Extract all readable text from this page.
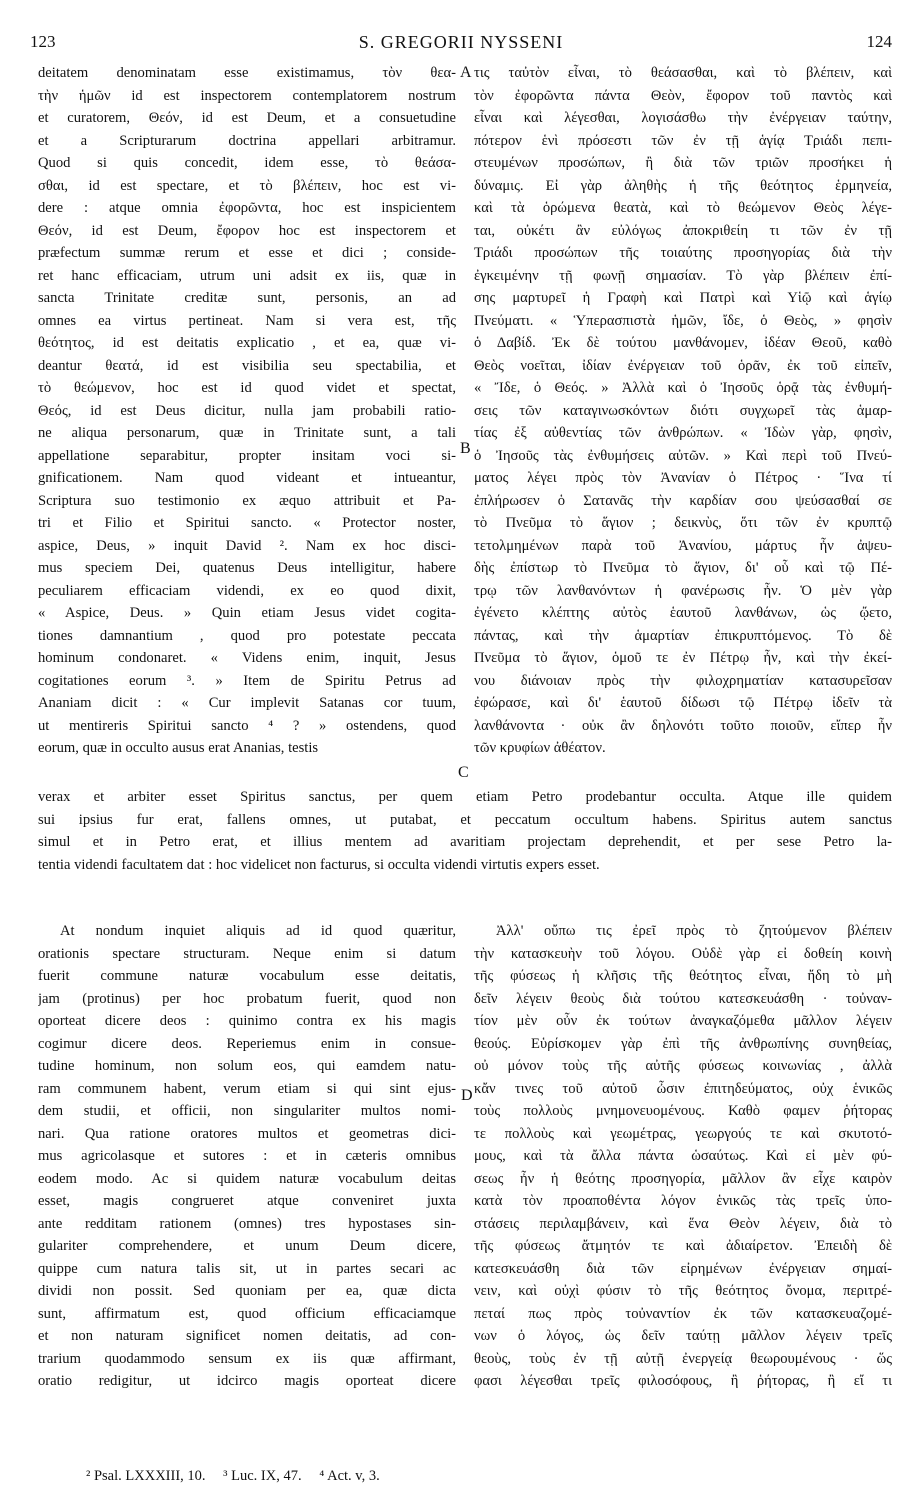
123	S. GREGORII NYSSENI	124
deitatem denominatam esse existimamus, τὸν θεα-
τὴν ἡμῶν id est inspectorem contemplatorem nostrum
et curatorem, Θεόν, id est Deum, et a consuetudine
et a Scripturarum doctrina appellari arbitramur.
Quod si quis concedit, idem esse, τὸ θεάσα-
σθαι, id est spectare, et τὸ βλέπειν, hoc est vi-
dere : atque omnia ἐφορῶντα, hoc est inspicientem
Θεόν, id est Deum, ἔφορον hoc est inspectorem et
præfectum summæ rerum et esse et dici ; conside-
ret hanc efficaciam, utrum uni adsit ex iis, quæ in
sancta Trinitate creditæ sunt, personis, an ad
omnes ea virtus pertineat. Nam si vera est, τῆς
θεότητος, id est deitatis explicatio , et ea, quæ vi-
deantur θεατά, id est visibilia seu spectabilia, et
τὸ θεώμενον, hoc est id quod videt et spectat,
Θεός, id est Deus dicitur, nulla jam probabili ratio-
ne aliqua personarum, quæ in Trinitate sunt, a tali
appellatione separabitur, propter insitam voci si-
gnificationem. Nam quod videant et intueantur,
Scriptura suo testimonio ex æquo attribuit et Pa-
tri et Filio et Spiritui sancto. « Protector noster,
aspice, Deus, » inquit David ². Nam ex hoc disci-
mus speciem Dei, quatenus Deus intelligitur, habere
peculiarem efficaciam videndi, ex eo quod dixit,
« Aspice, Deus. » Quin etiam Jesus videt cogita-
tiones damnantium , quod pro potestate peccata
hominum condonaret. « Videns enim, inquit, Jesus
cogitationes eorum ³. » Item de Spiritu Petrus ad
Ananiam dicit : « Cur implevit Satanas cor tuum,
ut mentireris Spiritui sancto ⁴ ? » ostendens, quod
eorum, quæ in occulto ausus erat Ananias, testis
τις ταὐτὸν εἶναι, τὸ θεάσασθαι, καὶ τὸ βλέπειν, καὶ
τὸν ἐφορῶντα πάντα Θεὸν, ἔφορον τοῦ παντὸς καὶ
εἶναι καὶ λέγεσθαι, λογισάσθω τὴν ἐνέργειαν ταύτην,
πότερον ἑνὶ πρόσεστι τῶν ἐν τῇ ἁγίᾳ Τριάδι πεπι-
στευμένων προσώπων, ἢ διὰ τῶν τριῶν προσήκει ἡ
δύναμις. Εἰ γὰρ ἀληθὴς ἡ τῆς θεότητος ἑρμηνεία,
καὶ τὰ ὁρώμενα θεατὰ, καὶ τὸ θεώμενον Θεὸς λέγε-
ται, οὐκέτι ἂν εὐλόγως ἀποκριθείη τι τῶν ἐν τῇ
Τριάδι προσώπων τῆς τοιαύτης προσηγορίας διὰ τὴν
ἐγκειμένην τῇ φωνῇ σημασίαν. Τὸ γὰρ βλέπειν ἐπί-
σης μαρτυρεῖ ἡ Γραφὴ καὶ Πατρὶ καὶ Υἱῷ καὶ ἁγίῳ
Πνεύματι. « Ὑπερασπιστὰ ἡμῶν, ἴδε, ὁ Θεὸς, » φησὶν
ὁ Δαβίδ. Ἐκ δὲ τούτου μανθάνομεν, ἰδέαν Θεοῦ, καθὸ
Θεὸς νοεῖται, ἰδίαν ἐνέργειαν τοῦ ὁρᾶν, ἐκ τοῦ εἰπεῖν,
« Ἴδε, ὁ Θεός. » Ἀλλὰ καὶ ὁ Ἰησοῦς ὁρᾷ τὰς ἐνθυμή-
σεις τῶν καταγινωσκόντων διότι συγχωρεῖ τὰς ἁμαρ-
τίας ἐξ αὐθεντίας τῶν ἀνθρώπων. « Ἰδὼν γὰρ, φησὶν,
ὁ Ἰησοῦς τὰς ἐνθυμήσεις αὐτῶν. » Καὶ περὶ τοῦ Πνεύ-
ματος λέγει πρὸς τὸν Ἀνανίαν ὁ Πέτρος · Ἵνα τί
ἐπλήρωσεν ὁ Σατανᾶς τὴν καρδίαν σου ψεύσασθαί σε
τὸ Πνεῦμα τὸ ἅγιον ; δεικνὺς, ὅτι τῶν ἐν κρυπτῷ
τετολμημένων παρὰ τοῦ Ἀνανίου, μάρτυς ἦν ἀψευ-
δὴς ἐπίστωρ τὸ Πνεῦμα τὸ ἅγιον, δι' οὗ καὶ τῷ Πέ-
τρῳ τῶν λανθανόντων ἡ φανέρωσις ἦν. Ὁ μὲν γὰρ
ἐγένετο κλέπτης αὐτὸς ἑαυτοῦ λανθάνων, ὡς ᾤετο,
πάντας, καὶ τὴν ἁμαρτίαν ἐπικρυπτόμενος. Τὸ δὲ
Πνεῦμα τὸ ἅγιον, ὁμοῦ τε ἐν Πέτρῳ ἦν, καὶ τὴν ἐκεί-
νου διάνοιαν πρὸς τὴν φιλοχρηματίαν κατασυρεῖσαν
ἐφώρασε, καὶ δι' ἑαυτοῦ δίδωσι τῷ Πέτρῳ ἰδεῖν τὰ
λανθάνοντα · οὐκ ἂν δηλονότι τοῦτο ποιοῦν, εἴπερ ἦν
τῶν κρυφίων ἀθέατον.
A
B
C
D
verax et arbiter esset Spiritus sanctus, per quem etiam Petro prodebantur occulta. Atque ille quidem
sui ipsius fur erat, fallens omnes, ut putabat, et peccatum occultum habens. Spiritus autem sanctus
simul et in Petro erat, et illius mentem ad avaritiam projectam deprehendit, et per sese Petro la-
tentia videndi facultatem dat : hoc videlicet non facturus, si occulta videndi virtutis expers esset.
At nondum inquiet aliquis ad id quod quæritur,
orationis spectare structuram. Neque enim si datum
fuerit commune naturæ vocabulum esse deitatis,
jam (protinus) per hoc probatum fuerit, quod non
oporteat dicere deos : quinimo contra ex his magis
cogimur dicere deos. Reperiemus enim in consue-
tudine hominum, non solum eos, qui eamdem natu-
ram communem habent, verum etiam si qui sint ejus-
dem studii, et officii, non singulariter multos nomi-
nari. Qua ratione oratores multos et geometras dici-
mus agricolasque et sutores : et in cæteris omnibus
eodem modo. Ac si quidem naturæ vocabulum deitas
esset, magis congrueret atque conveniret juxta
ante redditam rationem (omnes) tres hypostases sin-
gulariter comprehendere, et unum Deum dicere,
quippe cum natura talis sit, ut in partes secari ac
dividi non possit. Sed quoniam per ea, quæ dicta
sunt, affirmatum est, quod officium efficaciamque
et non naturam significet nomen deitatis, ad con-
trarium quodammodo sensum ex iis quæ affirmant,
oratio redigitur, ut idcirco magis oporteat dicere
Ἀλλ' οὔπω τις ἐρεῖ πρὸς τὸ ζητούμενον βλέπειν
τὴν κατασκευὴν τοῦ λόγου. Οὐδὲ γὰρ εἰ δοθείη κοινὴ
τῆς φύσεως ἡ κλῆσις τῆς θεότητος εἶναι, ἤδη τὸ μὴ
δεῖν λέγειν θεοὺς διὰ τούτου κατεσκευάσθη · τοὐναν-
τίον μὲν οὖν ἐκ τούτων ἀναγκαζόμεθα μᾶλλον λέγειν
θεούς. Εὑρίσκομεν γὰρ ἐπὶ τῆς ἀνθρωπίνης συνηθείας,
οὐ μόνον τοὺς τῆς αὐτῆς φύσεως κοινωνίας , ἀλλὰ
κἄν τινες τοῦ αὐτοῦ ὦσιν ἐπιτηδεύματος, οὐχ ἑνικῶς
τοὺς πολλοὺς μνημονευομένους. Καθὸ φαμεν ῥήτορας
τε πολλοὺς καὶ γεωμέτρας, γεωργούς τε καὶ σκυτοτό-
μους, καὶ τὰ ἄλλα πάντα ὡσαύτως. Καὶ εἰ μὲν φύ-
σεως ἦν ἡ θεότης προσηγορία, μᾶλλον ἂν εἶχε καιρὸν
κατὰ τὸν προαποθέντα λόγον ἑνικῶς τὰς τρεῖς ὑπο-
στάσεις περιλαμβάνειν, καὶ ἕνα Θεὸν λέγειν, διὰ τὸ
τῆς φύσεως ἄτμητόν τε καὶ ἀδιαίρετον. Ἐπειδὴ δὲ
κατεσκευάσθη διὰ τῶν εἰρημένων ἐνέργειαν σημαί-
νειν, καὶ οὐχὶ φύσιν τὸ τῆς θεότητος ὄνομα, περιτρέ-
πεταί πως πρὸς τοὐναντίον ἐκ τῶν κατασκευαζομέ-
νων ὁ λόγος, ὡς δεῖν ταύτῃ μᾶλλον λέγειν τρεῖς
θεοὺς, τοὺς ἐν τῇ αὐτῇ ἐνεργείᾳ θεωρουμένους · ὥς
φασι λέγεσθαι τρεῖς φιλοσόφους, ἢ ῥήτορας, ἢ εἴ τι
² Psal. LXXXIII, 10. ³ Luc. IX, 47. ⁴ Act. v, 3.
